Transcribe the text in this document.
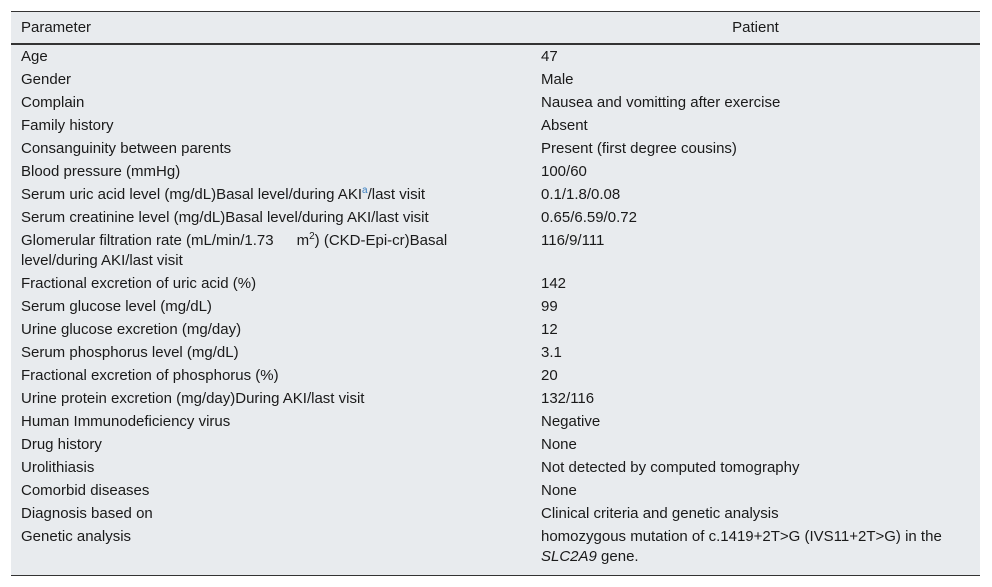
Parameter	Patient
Age	47
Gender	Male
Complain	Nausea and vomitting after exercise
Family history	Absent
Consanguinity between parents	Present (first degree cousins)
Blood pressure (mmHg)	100/60
Serum uric acid level (mg/dL)Basal level/during AKI$^a$/last visit	0.1/1.8/0.08
Serum creatinine level (mg/dL)Basal level/during AKI/last visit	0.65/6.59/0.72
Glomerular filtration rate (mL/min/1.73 $m^2$) (CKD-Epi-cr)Basal level/during AKI/last visit	116/9/111
Fractional excretion of uric acid (%)	142
Serum glucose level (mg/dL)	99
Urine glucose excretion (mg/day)	12
Serum phosphorus level (mg/dL)	3.1
Fractional excretion of phosphorus (%)	20
Urine protein excretion (mg/day)During AKI/last visit	132/116
Human Immunodeficiency virus	Negative
Drug history	None
Urolithiasis	Not detected by computed tomography
Comorbid diseases	None
Diagnosis based on	Clinical criteria and genetic analysis
Genetic analysis	homozygous mutation of c.1419+2T>G (IVS11+2T>G) in the SLC2A9 gene.
